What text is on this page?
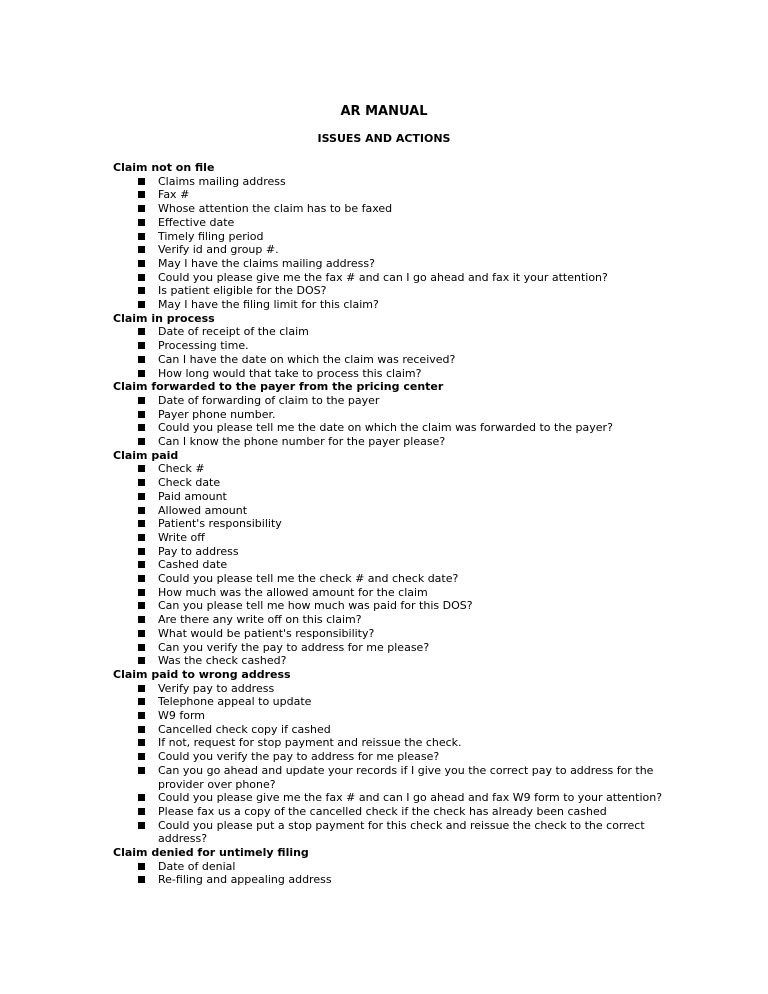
AR MANUAL
ISSUES AND ACTIONS
Claim not on file
Claims mailing address
Fax #
Whose attention the claim has to be faxed
Effective date
Timely filing period
Verify id and group #.
May I have the claims mailing address?
Could you please give me the fax # and can I go ahead and fax it your attention?
Is patient eligible for the DOS?
May I have the filing limit for this claim?
Claim in process
Date of receipt of the claim
Processing time.
Can I have the date on which the claim was received?
How long would that take to process this claim?
Claim forwarded to the payer from the pricing center
Date of forwarding of claim to the payer
Payer phone number.
Could you please tell me the date on which the claim was forwarded to the payer?
Can I know the phone number for the payer please?
Claim paid
Check #
Check date
Paid amount
Allowed amount
Patient's responsibility
Write off
Pay to address
Cashed date
Could you please tell me the check # and check date?
How much was the allowed amount for the claim
Can you please tell me how much was paid for this DOS?
Are there any write off on this claim?
What would be patient's responsibility?
Can you verify the pay to address for me please?
Was the check cashed?
Claim paid to wrong address
Verify pay to address
Telephone appeal to update
W9 form
Cancelled check copy if cashed
If not, request for stop payment and reissue the check.
Could you verify the pay to address for me please?
Can you go ahead and update your records if I give you the correct pay to address for the provider over phone?
Could you please give me the fax # and can I go ahead and fax W9 form to your attention?
Please fax us a copy of the cancelled check if the check has already been cashed
Could you please put a stop payment for this check and reissue the check to the correct address?
Claim denied for untimely filing
Date of denial
Re-filing and appealing address
